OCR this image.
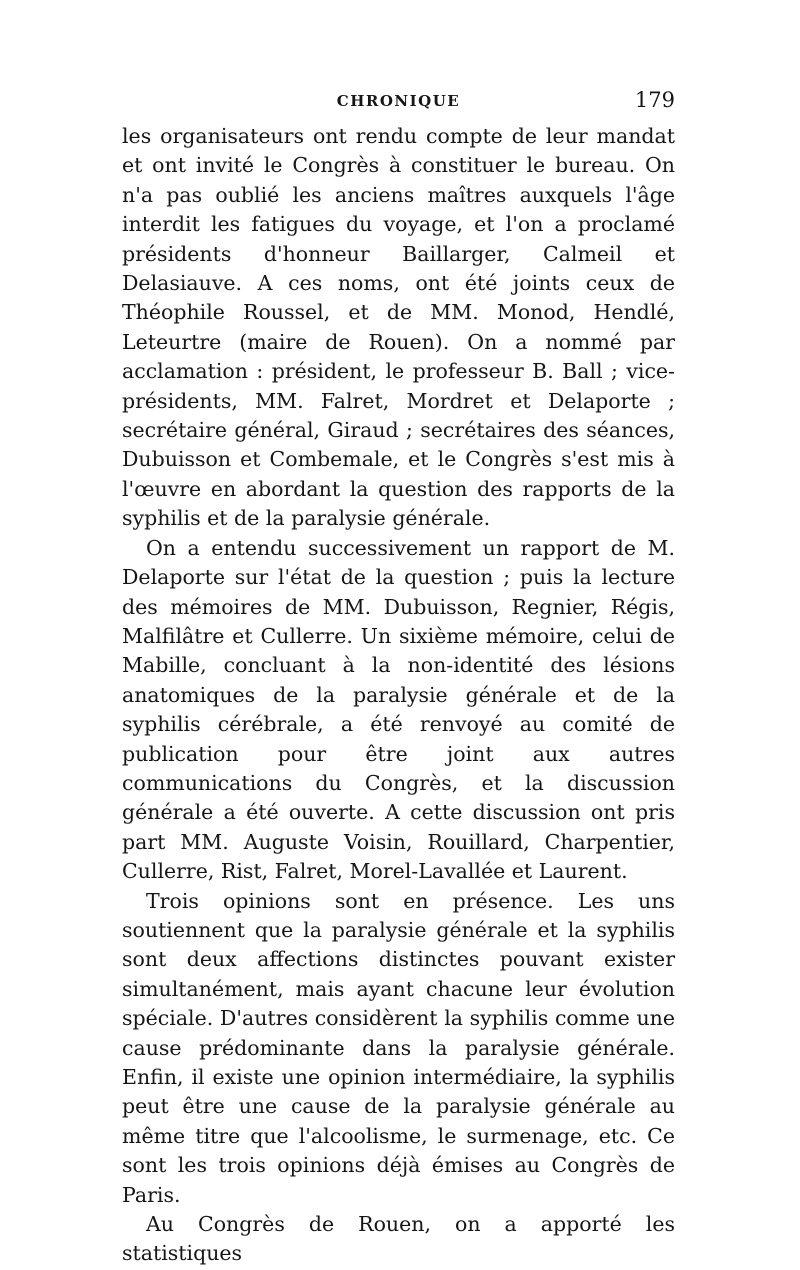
CHRONIQUE	179

les organisateurs ont rendu compte de leur mandat et ont invité le Congrès à constituer le bureau. On n'a pas oublié les anciens maîtres auxquels l'âge interdit les fatigues du voyage, et l'on a proclamé présidents d'honneur Baillarger, Calmeil et Delasiauve. A ces noms, ont été joints ceux de Théophile Roussel, et de MM. Monod, Hendlé, Leteurtre (maire de Rouen). On a nommé par acclamation : président, le professeur B. Ball ; vice-présidents, MM. Falret, Mordret et Delaporte ; secrétaire général, Giraud ; secrétaires des séances, Dubuisson et Combemale, et le Congrès s'est mis à l'œuvre en abordant la question des rapports de la syphilis et de la paralysie générale.

On a entendu successivement un rapport de M. Delaporte sur l'état de la question ; puis la lecture des mémoires de MM. Dubuisson, Regnier, Régis, Malfilâtre et Cullerre. Un sixième mémoire, celui de Mabille, concluant à la non-identité des lésions anatomiques de la paralysie générale et de la syphilis cérébrale, a été renvoyé au comité de publication pour être joint aux autres communications du Congrès, et la discussion générale a été ouverte. A cette discussion ont pris part MM. Auguste Voisin, Rouillard, Charpentier, Cullerre, Rist, Falret, Morel-Lavallée et Laurent.

Trois opinions sont en présence. Les uns soutiennent que la paralysie générale et la syphilis sont deux affections distinctes pouvant exister simultanément, mais ayant chacune leur évolution spéciale. D'autres considèrent la syphilis comme une cause prédominante dans la paralysie générale. Enfin, il existe une opinion intermédiaire, la syphilis peut être une cause de la paralysie générale au même titre que l'alcoolisme, le surmenage, etc. Ce sont les trois opinions déjà émises au Congrès de Paris.

Au Congrès de Rouen, on a apporté les statistiques
